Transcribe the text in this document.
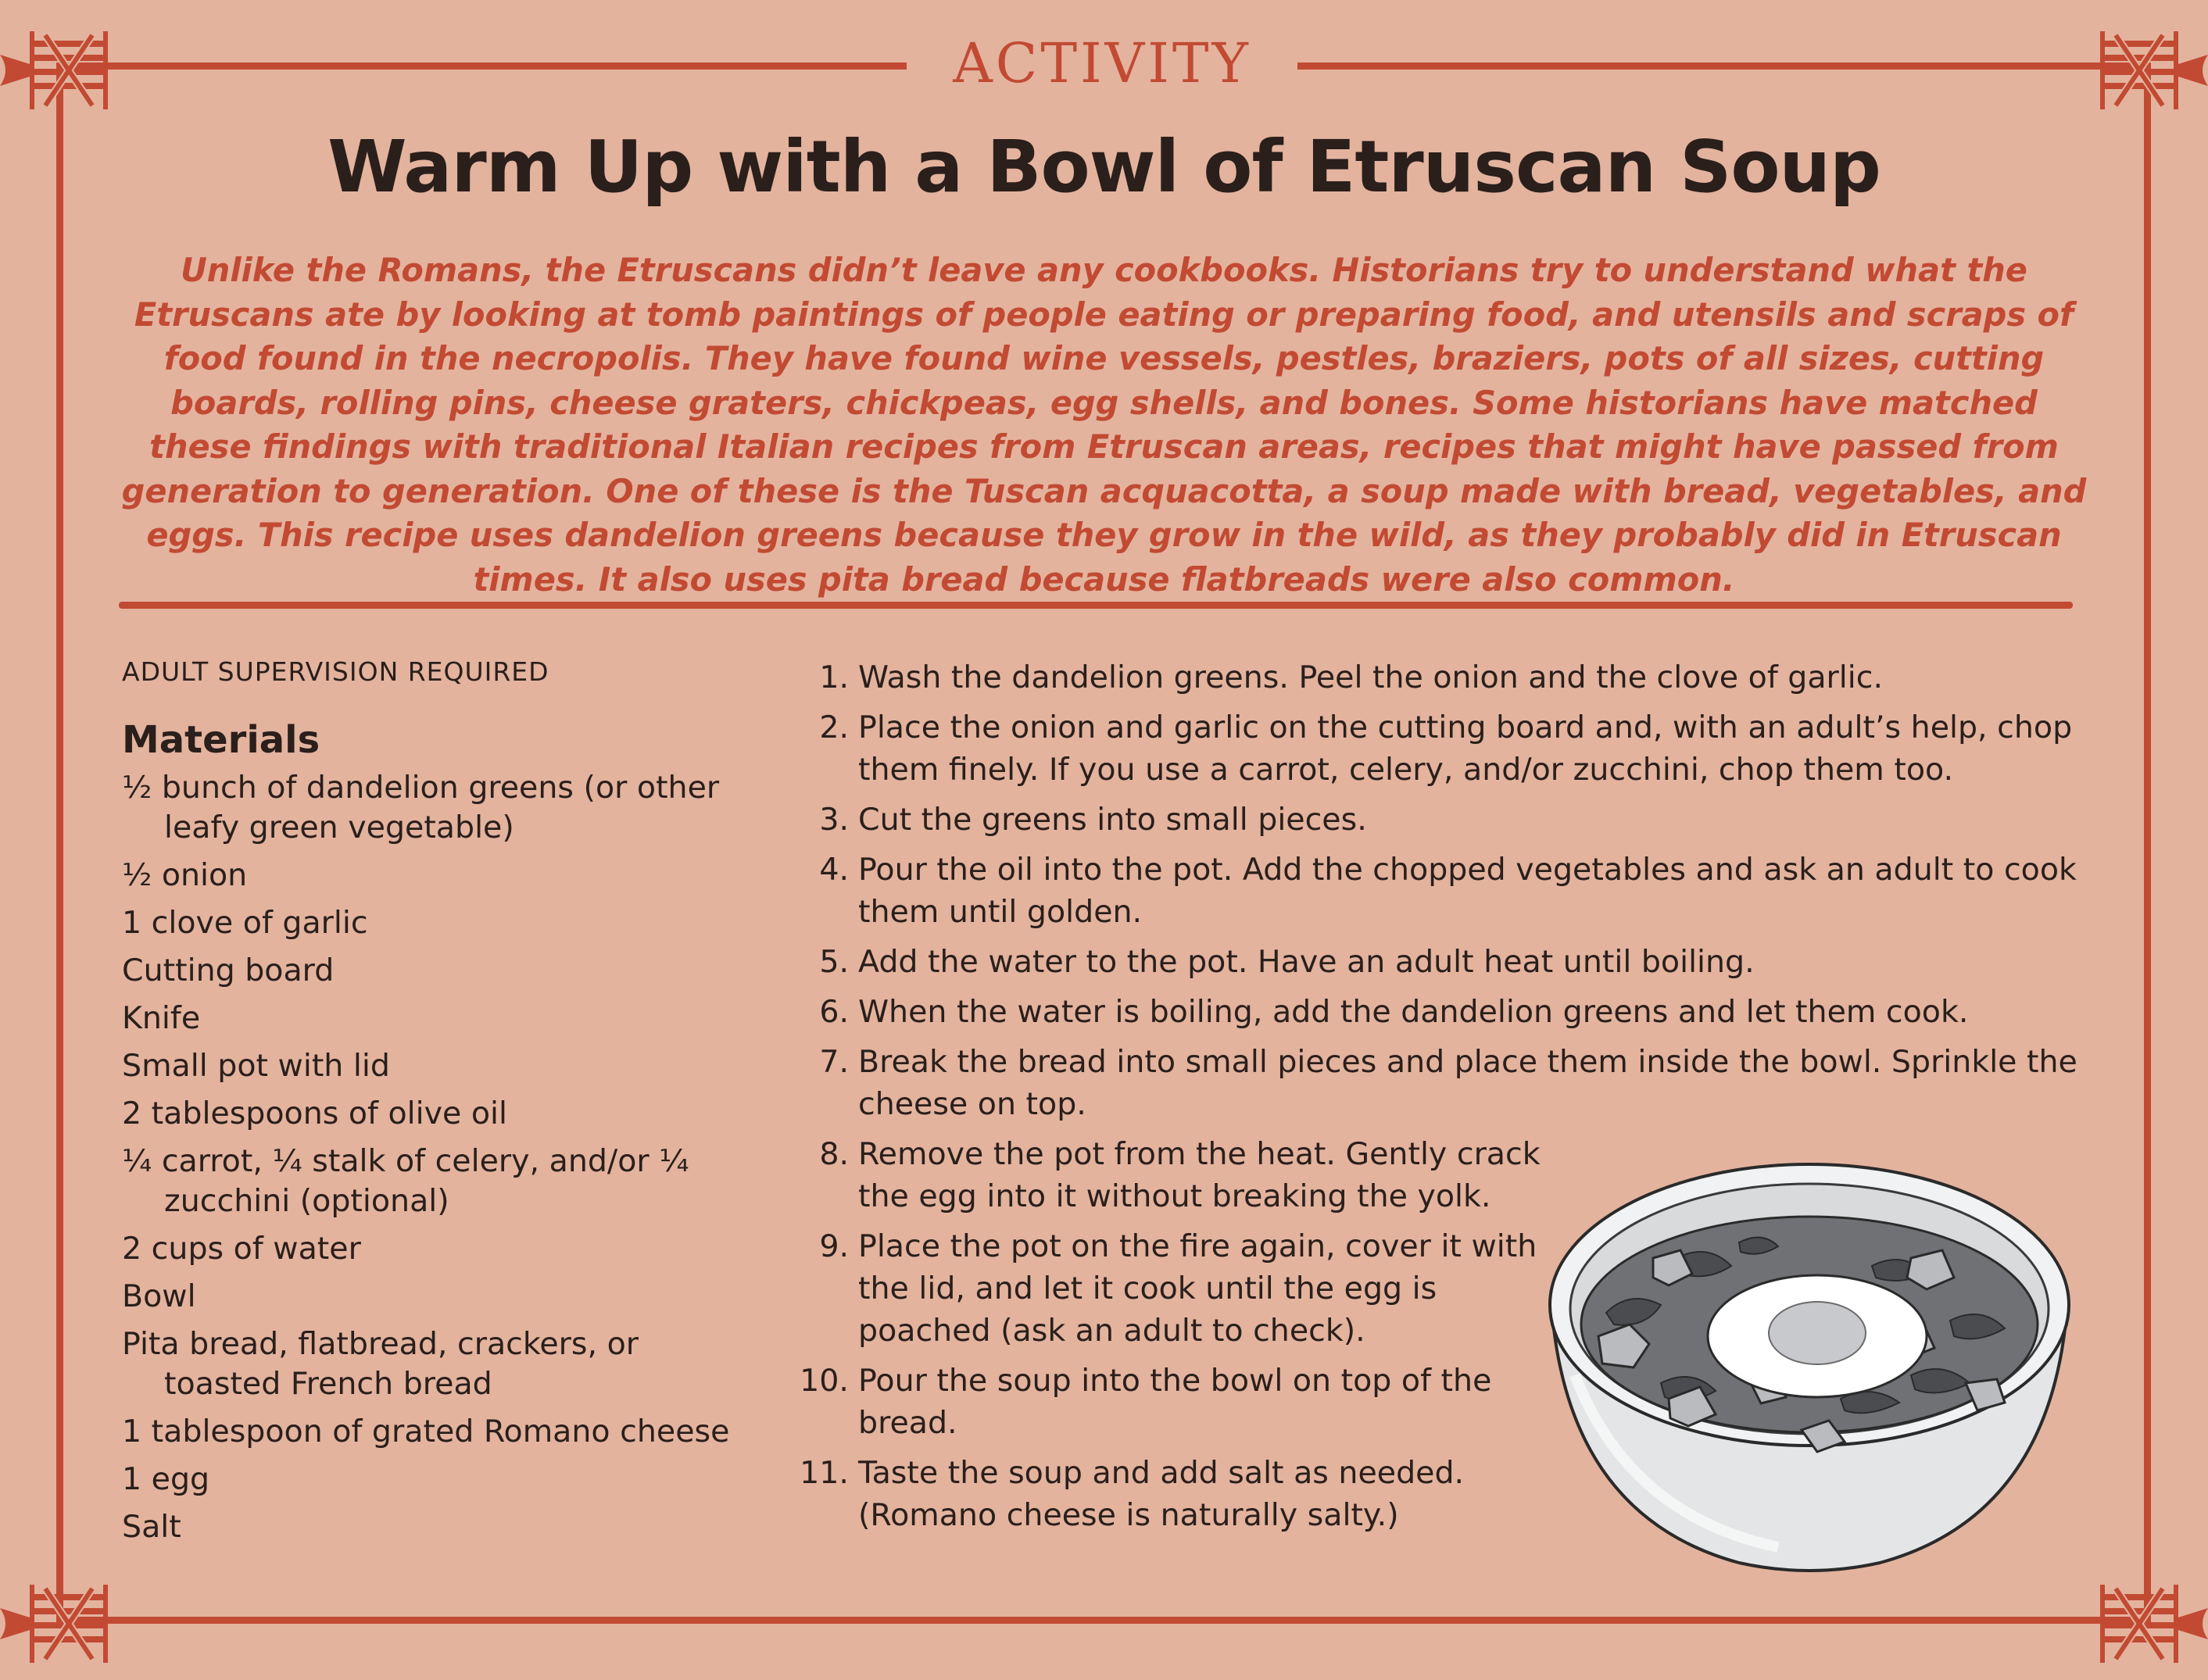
ACTIVITY
Warm Up with a Bowl of Etruscan Soup

Unlike the Romans, the Etruscans didn’t leave any cookbooks. Historians try to understand what the Etruscans ate by looking at tomb paintings of people eating or preparing food, and utensils and scraps of food found in the necropolis. They have found wine vessels, pestles, braziers, pots of all sizes, cutting boards, rolling pins, cheese graters, chickpeas, egg shells, and bones. Some historians have matched these findings with traditional Italian recipes from Etruscan areas, recipes that might have passed from generation to generation. One of these is the Tuscan acquacotta, a soup made with bread, vegetables, and eggs. This recipe uses dandelion greens because they grow in the wild, as they probably did in Etruscan times. It also uses pita bread because flatbreads were also common.

ADULT SUPERVISION REQUIRED
Materials
½ bunch of dandelion greens (or other leafy green vegetable)
½ onion
1 clove of garlic
Cutting board
Knife
Small pot with lid
2 tablespoons of olive oil
¼ carrot, ¼ stalk of celery, and/or ¼ zucchini (optional)
2 cups of water
Bowl
Pita bread, flatbread, crackers, or toasted French bread
1 tablespoon of grated Romano cheese
1 egg
Salt
1. Wash the dandelion greens. Peel the onion and the clove of garlic.
2. Place the onion and garlic on the cutting board and, with an adult’s help, chop them finely. If you use a carrot, celery, and/or zucchini, chop them too.
3. Cut the greens into small pieces.
4. Pour the oil into the pot. Add the chopped vegetables and ask an adult to cook them until golden.
5. Add the water to the pot. Have an adult heat until boiling.
6. When the water is boiling, add the dandelion greens and let them cook.
7. Break the bread into small pieces and place them inside the bowl. Sprinkle the cheese on top.
8. Remove the pot from the heat. Gently crack the egg into it without breaking the yolk.
9. Place the pot on the fire again, cover it with the lid, and let it cook until the egg is poached (ask an adult to check).
10. Pour the soup into the bowl on top of the bread.
11. Taste the soup and add salt as needed. (Romano cheese is naturally salty.)
